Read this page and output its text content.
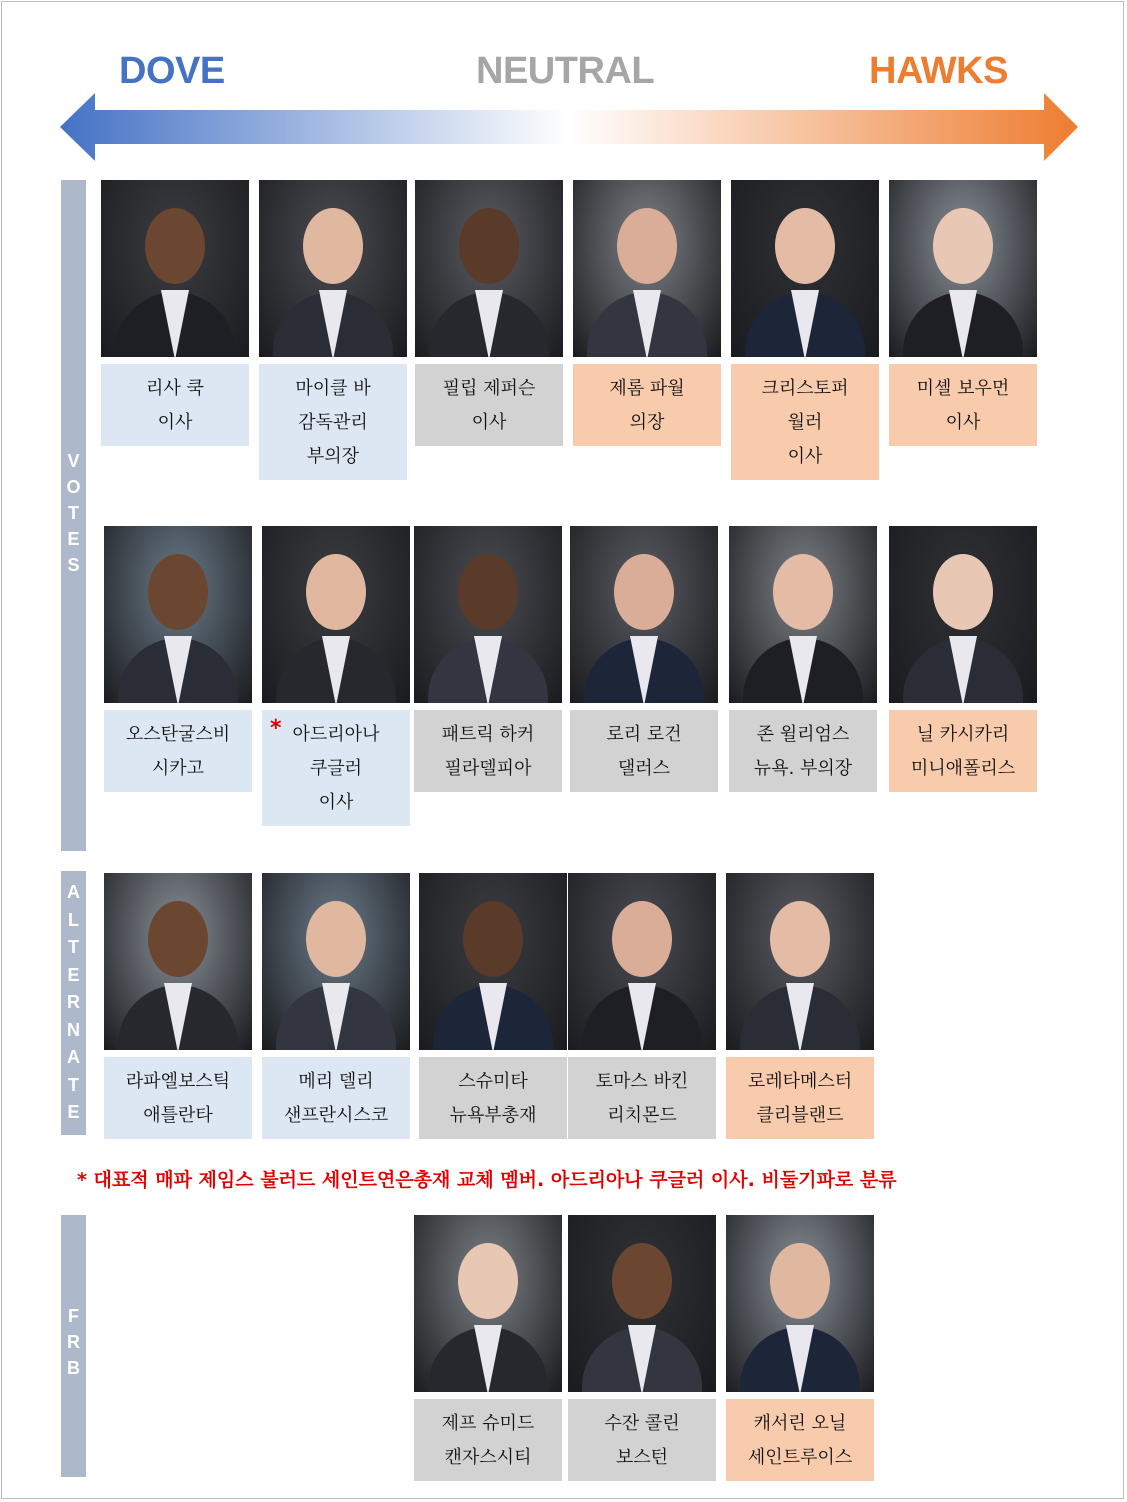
DOVE	NEUTRAL	HAWKS
V
O
T
E
S
A
L
T
E
R
N
A
T
E
F
R
B
리사 쿡
이사
마이클 바
감독관리
부의장
필립 제퍼슨
이사
제롬 파월
의장
크리스토퍼
월러
이사
미셸 보우먼
이사
오스탄굴스비
시카고
* 아드리아나
쿠글러
이사
패트릭 하커
필라델피아
로리 로건
댈러스
존 윌리엄스
뉴욕. 부의장
닐 카시카리
미니애폴리스
라파엘보스틱
애틀란타
메리 델리
샌프란시스코
스슈미타
뉴욕부총재
토마스 바킨
리치몬드
로레타메스터
클리블랜드
제프 슈미드
캔자스시티
수잔 콜린
보스턴
캐서린 오닐
세인트루이스
* 대표적 매파 제임스 불러드 세인트연은총재 교체 멤버. 아드리아나 쿠글러 이사. 비둘기파로 분류
